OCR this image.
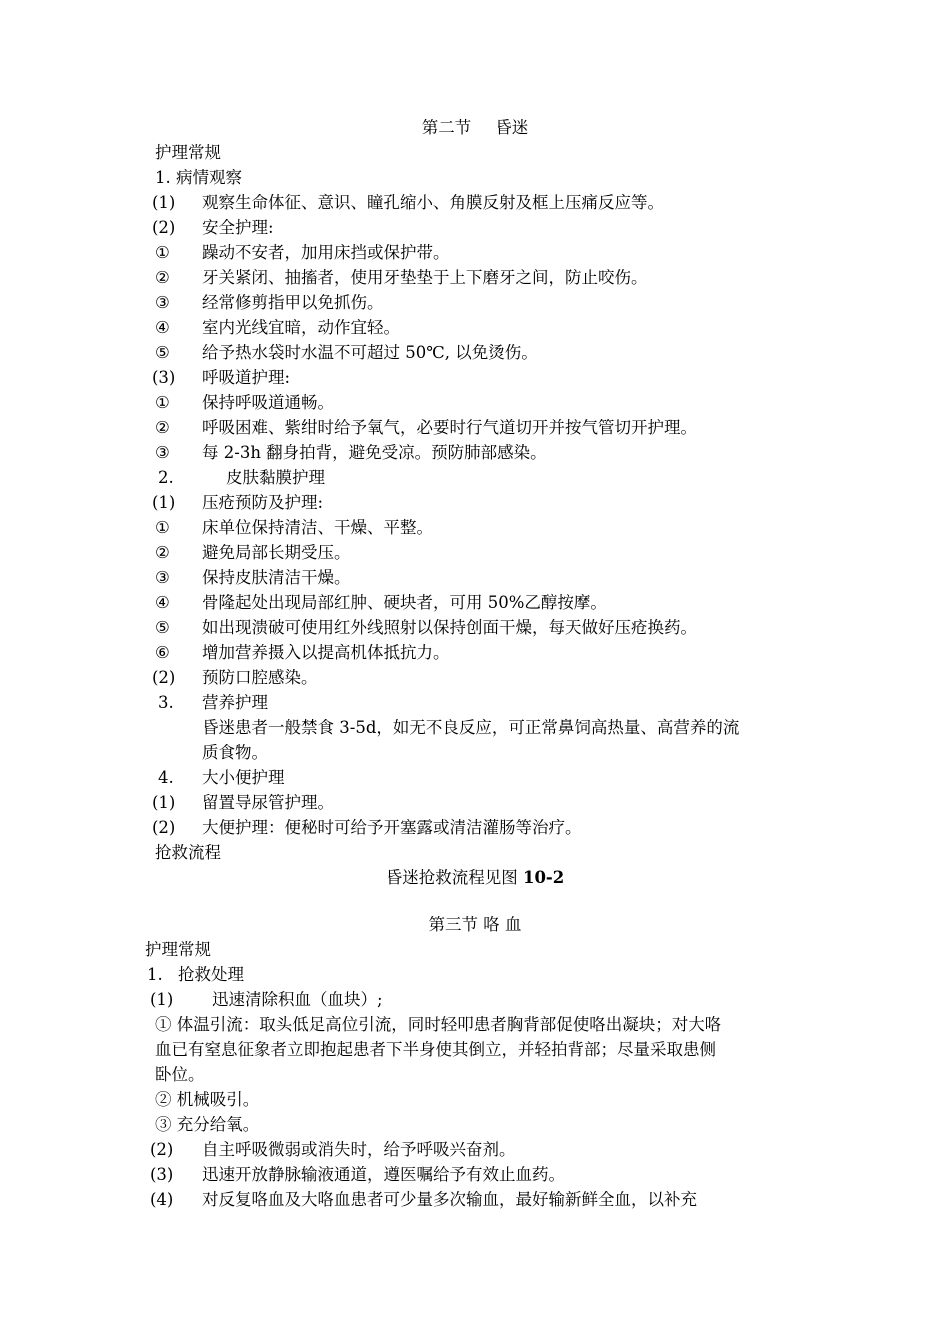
第二节 昏迷
护理常规
1. 病情观察
(1) 观察生命体征、意识、瞳孔缩小、角膜反射及框上压痛反应等。
(2) 安全护理:
① 躁动不安者，加用床挡或保护带。
② 牙关紧闭、抽搐者，使用牙垫垫于上下磨牙之间，防止咬伤。
③ 经常修剪指甲以免抓伤。
④ 室内光线宜暗，动作宜轻。
⑤ 给予热水袋时水温不可超过 50℃, 以免烫伤。
(3) 呼吸道护理:
① 保持呼吸道通畅。
② 呼吸困难、紫绀时给予氧气，必要时行气道切开并按气管切开护理。
③ 每 2-3h 翻身拍背，避免受凉。预防肺部感染。
2.	皮肤黏膜护理
(1) 压疮预防及护理:
① 床单位保持清洁、干燥、平整。
② 避免局部长期受压。
③ 保持皮肤清洁干燥。
④ 骨隆起处出现局部红肿、硬块者，可用 50%乙醇按摩。
⑤ 如出现溃破可使用红外线照射以保持创面干燥，每天做好压疮换药。
⑥ 增加营养摄入以提高机体抵抗力。
(2) 预防口腔感染。
3. 营养护理
昏迷患者一般禁食 3-5d，如无不良反应，可正常鼻饲高热量、高营养的流
质食物。
4. 大小便护理
(1) 留置导尿管护理。
(2) 大便护理：便秘时可给予开塞露或清洁灌肠等治疗。
抢救流程
昏迷抢救流程见图 10-2
第三节 咯 血
护理常规
1. 抢救处理
(1) 迅速清除积血（血块）;
① 体温引流：取头低足高位引流，同时轻叩患者胸背部促使咯出凝块；对大咯
血已有窒息征象者立即抱起患者下半身使其倒立，并轻拍背部；尽量采取患侧
卧位。
② 机械吸引。
③ 充分给氧。
(2) 自主呼吸微弱或消失时，给予呼吸兴奋剂。
(3) 迅速开放静脉输液通道，遵医嘱给予有效止血药。
(4) 对反复咯血及大咯血患者可少量多次输血，最好输新鲜全血，以补充
